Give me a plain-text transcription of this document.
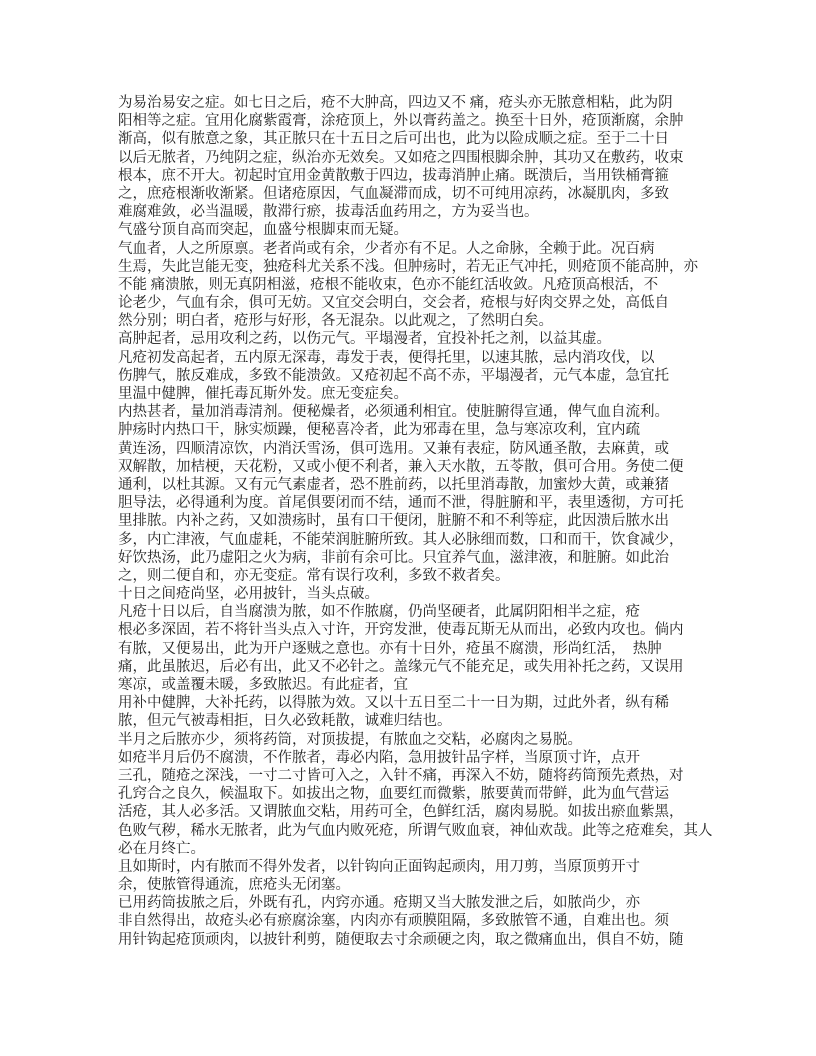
为易治易安之症。如七日之后，疮不大肿高，四边又不 痛，疮头亦无脓意相粘，此为阴
阳相等之症。宜用化腐紫霞膏，涂疮顶上，外以膏药盖之。换至十日外，疮顶渐腐，余肿
渐高，似有脓意之象，其正脓只在十五日之后可出也，此为以险成顺之症。至于二十日
以后无脓者，乃纯阴之症，纵治亦无效矣。又如疮之四围根脚余肿，其功又在敷药，收束
根本，庶不开大。初起时宜用金黄散敷于四边，拔毒消肿止痛。既溃后，当用铁桶膏箍
之，庶疮根渐收渐紧。但诸疮原因，气血凝滞而成，切不可纯用凉药，冰凝肌肉，多致
难腐难敛，必当温暖，散滞行瘀，拔毒活血药用之，方为妥当也。
气盛兮顶自高而突起，血盛兮根脚束而无疑。
气血者，人之所原禀。老者尚或有余，少者亦有不足。人之命脉，全赖于此。况百病
生焉，失此岂能无变，独疮科尤关系不浅。但肿疡时，若无正气冲托，则疮顶不能高肿，亦
不能 痛溃脓，则无真阴相滋，疮根不能收束，色亦不能红活收敛。凡疮顶高根活，不
论老少，气血有余，俱可无妨。又宜交会明白，交会者，疮根与好肉交界之处，高低自
然分别；明白者，疮形与好形，各无混杂。以此观之，了然明白矣。
高肿起者，忌用攻利之药，以伤元气。平塌漫者，宜投补托之剂，以益其虚。
凡疮初发高起者，五内原无深毒，毒发于表，便得托里，以速其脓，忌内消攻伐，以
伤脾气，脓反难成，多致不能溃敛。又疮初起不高不赤，平塌漫者，元气本虚，急宜托
里温中健脾，催托毒瓦斯外发。庶无变症矣。
内热甚者，量加消毒清剂。便秘燥者，必须通利相宜。使脏腑得宣通，俾气血自流利。
肿疡时内热口干，脉实烦躁，便秘喜冷者，此为邪毒在里，急与寒凉攻利，宜内疏
黄连汤，四顺清凉饮，内消沃雪汤，俱可选用。又兼有表症，防风通圣散，去麻黄，或
双解散，加桔梗，天花粉，又或小便不利者，兼入天水散，五苓散，俱可合用。务使二便
通利，以杜其源。又有元气素虚者，恐不胜前药，以托里消毒散，加蜜炒大黄，或兼猪
胆导法，必得通利为度。首尾俱要闭而不结，通而不泄，得脏腑和平，表里透彻，方可托
里排脓。内补之药，又如溃疡时，虽有口干便闭，脏腑不和不利等症，此因溃后脓水出
多，内亡津液，气血虚耗，不能荣润脏腑所致。其人必脉细而数，口和而干，饮食减少，
好饮热汤，此乃虚阳之火为病，非前有余可比。只宜养气血，滋津液，和脏腑。如此治
之，则二便自和，亦无变症。常有误行攻利，多致不救者矣。
十日之间疮尚坚，必用披针，当头点破。
凡疮十日以后，自当腐溃为脓，如不作脓腐，仍尚坚硬者，此属阴阳相半之症，疮
根必多深固，若不将针当头点入寸许，开窍发泄，使毒瓦斯无从而出，必致内攻也。倘内
有脓，又便易出，此为开户逐贼之意也。亦有十日外，疮虽不腐溃，形尚红活，  热肿
痛，此虽脓迟，后必有出，此又不必针之。盖缘元气不能充足，或失用补托之药，又误用
寒凉，或盖覆未暖，多致脓迟。有此症者，宜
用补中健脾，大补托药，以得脓为效。又以十五日至二十一日为期，过此外者，纵有稀
脓，但元气被毒相拒，日久必致耗散，诚难归结也。
半月之后脓亦少，须将药筒，对顶拔提，有脓血之交粘，必腐肉之易脱。
如疮半月后仍不腐溃，不作脓者，毒必内陷，急用披针品字样，当原顶寸许，点开
三孔，随疮之深浅，一寸二寸皆可入之，入针不痛，再深入不妨，随将药筒预先煮热，对
孔窍合之良久，候温取下。如拔出之物，血要红而微紫，脓要黄而带鲜，此为血气营运
活疮，其人必多活。又谓脓血交粘，用药可全，色鲜红活，腐肉易脱。如拔出瘀血紫黑，
色败气秽，稀水无脓者，此为气血内败死疮，所谓气败血衰，神仙欢哉。此等之疮难矣，其人
必在月终亡。
且如斯时，内有脓而不得外发者，以针钩向正面钩起顽肉，用刀剪，当原顶剪开寸
余，使脓管得通流，庶疮头无闭塞。
已用药筒拔脓之后，外既有孔，内窍亦通。疮期又当大脓发泄之后，如脓尚少，亦
非自然得出，故疮头必有瘀腐涂塞，内肉亦有顽膜阻隔，多致脓管不通，自难出也。须
用针钩起疮顶顽肉，以披针利剪，随便取去寸余顽硬之肉，取之微痛血出，俱自不妨，随
